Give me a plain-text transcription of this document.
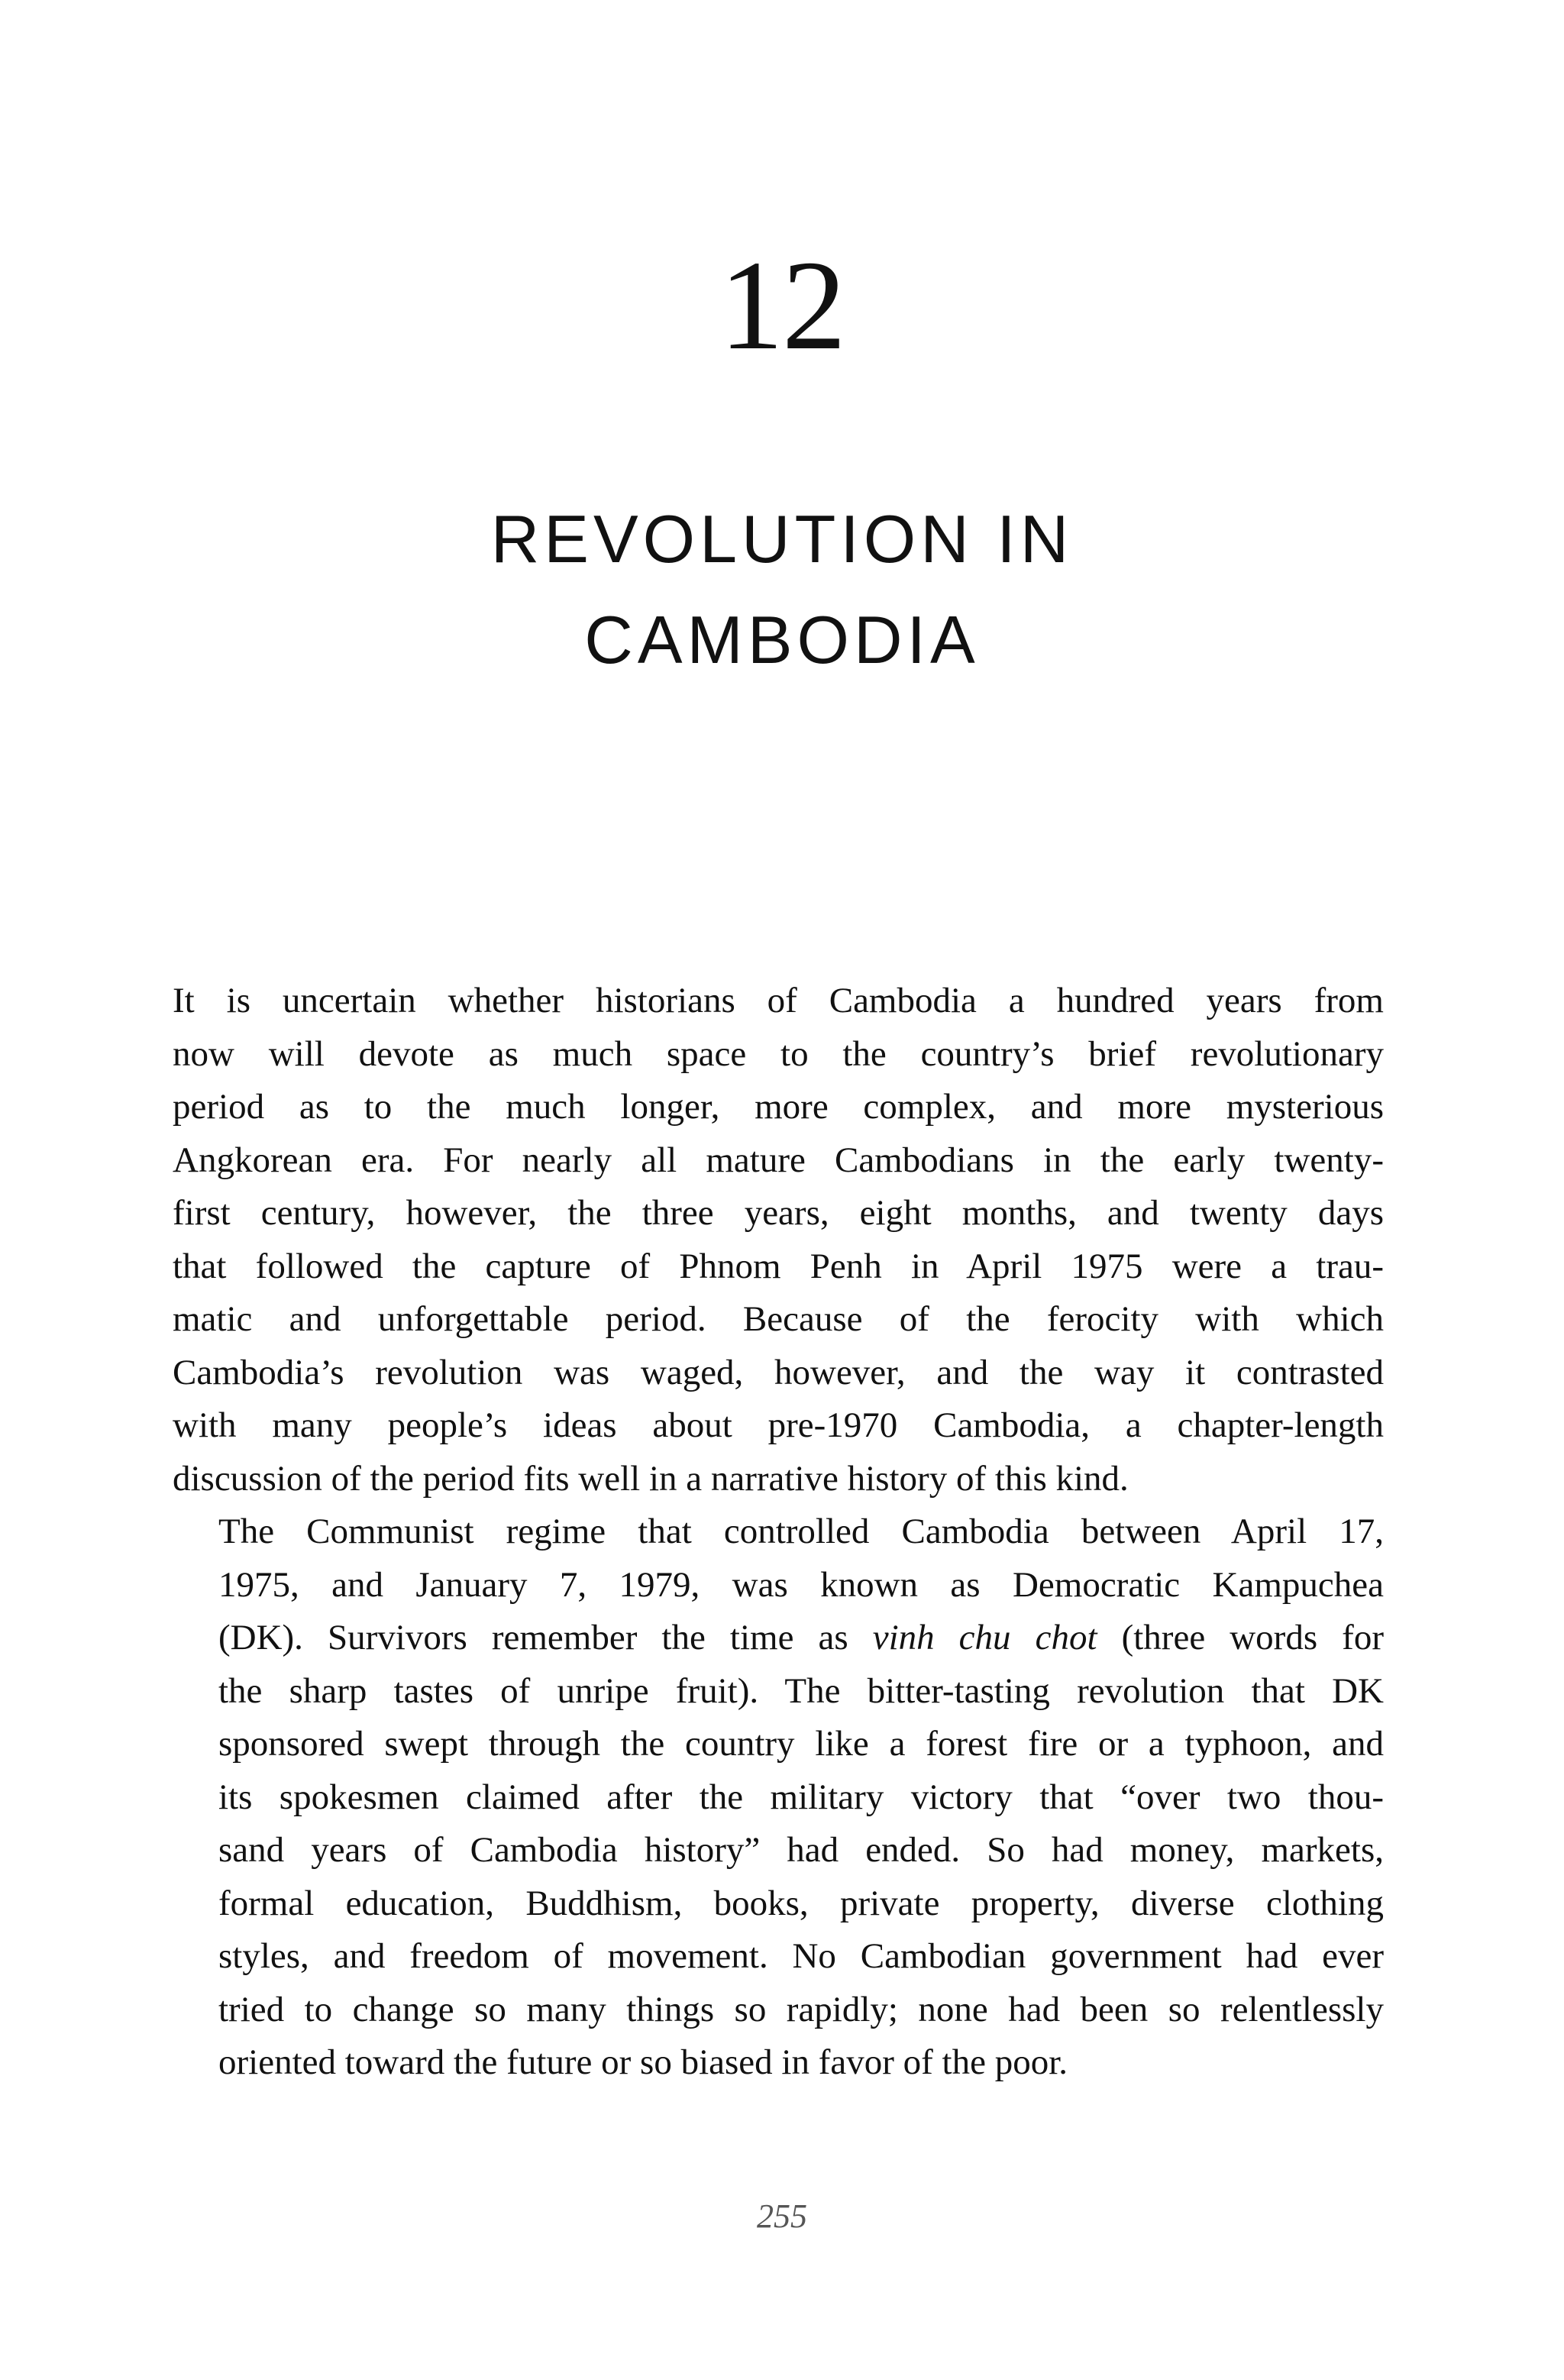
12
REVOLUTION IN
CAMBODIA

It is uncertain whether historians of Cambodia a hundred years from
now will devote as much space to the country’s brief revolutionary
period as to the much longer, more complex, and more mysterious
Angkorean era. For nearly all mature Cambodians in the early twenty-
first century, however, the three years, eight months, and twenty days
that followed the capture of Phnom Penh in April 1975 were a trau-
matic and unforgettable period. Because of the ferocity with which
Cambodia’s revolution was waged, however, and the way it contrasted
with many people’s ideas about pre-1970 Cambodia, a chapter-length
discussion of the period fits well in a narrative history of this kind.

The Communist regime that controlled Cambodia between April 17,
1975, and January 7, 1979, was known as Democratic Kampuchea
(DK). Survivors remember the time as vinh chu chot (three words for
the sharp tastes of unripe fruit). The bitter-tasting revolution that DK
sponsored swept through the country like a forest fire or a typhoon, and
its spokesmen claimed after the military victory that “over two thou-
sand years of Cambodia history” had ended. So had money, markets,
formal education, Buddhism, books, private property, diverse clothing
styles, and freedom of movement. No Cambodian government had ever
tried to change so many things so rapidly; none had been so relentlessly
oriented toward the future or so biased in favor of the poor.

255
